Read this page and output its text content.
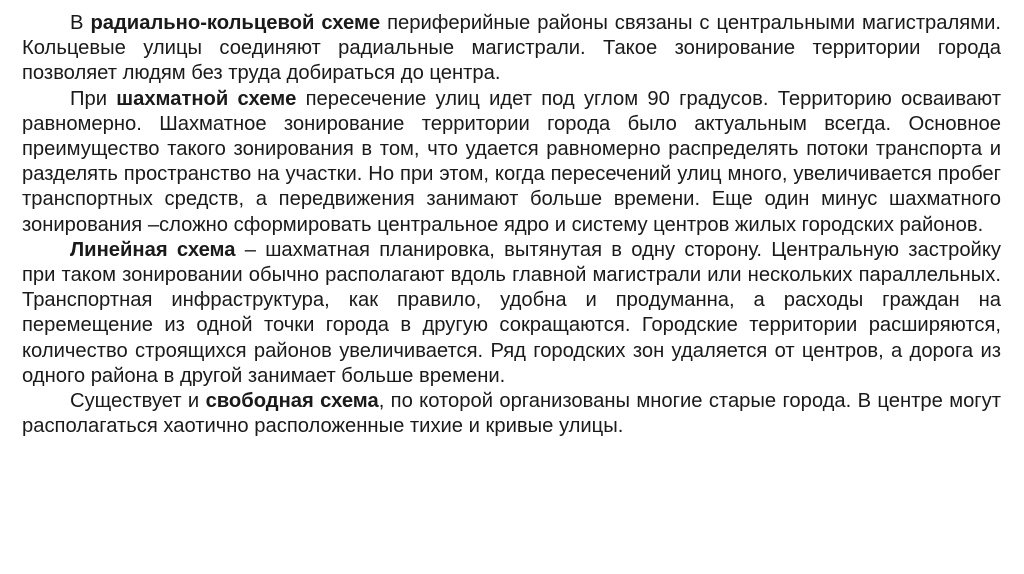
В радиально-кольцевой схеме периферийные районы связаны с центральными магистралями. Кольцевые улицы соединяют радиальные магистрали. Такое зонирование территории города позволяет людям без труда добираться до центра.

При шахматной схеме пересечение улиц идет под углом 90 градусов. Территорию осваивают равномерно. Шахматное зонирование территории города было актуальным всегда. Основное преимущество такого зонирования в том, что удается равномерно распределять потоки транспорта и разделять пространство на участки. Но при этом, когда пересечений улиц много, увеличивается пробег транспортных средств, а передвижения занимают больше времени. Еще один минус шахматного зонирования –сложно сформировать центральное ядро и систему центров жилых городских районов.

Линейная схема – шахматная планировка, вытянутая в одну сторону. Центральную застройку при таком зонировании обычно располагают вдоль главной магистрали или нескольких параллельных. Транспортная инфраструктура, как правило, удобна и продуманна, а расходы граждан на перемещение из одной точки города в другую сокращаются. Городские территории расширяются, количество строящихся районов увеличивается. Ряд городских зон удаляется от центров, а дорога из одного района в другой занимает больше времени.

Существует и свободная схема, по которой организованы многие старые города. В центре могут располагаться хаотично расположенные тихие и кривые улицы.
